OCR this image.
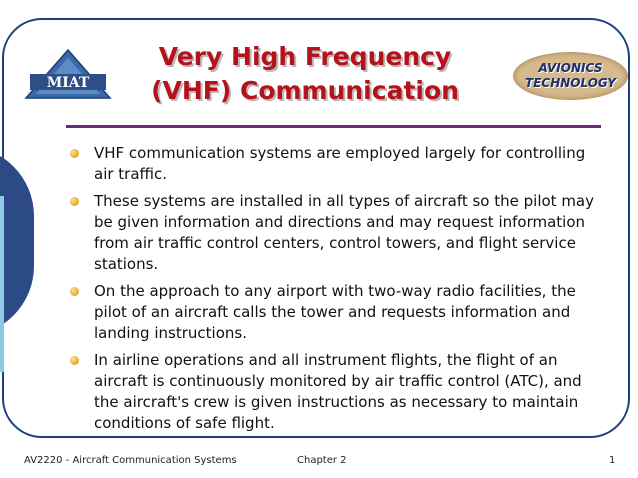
MIAT
Very High Frequency
(VHF) Communication
AVIONICS
TECHNOLOGY
VHF communication systems are employed largely for controlling air traffic.
These systems are installed in all types of aircraft so the pilot may be given information and directions and may request information from air traffic control centers, control towers, and flight service stations.
On the approach to any airport with two-way radio facilities, the pilot of an aircraft calls the tower and requests information and landing instructions.
In airline operations and all instrument flights, the flight of an aircraft is continuously monitored by air traffic control (ATC), and the aircraft's crew is given instructions as necessary to maintain conditions of safe flight.
AV2220 - Aircraft Communication Systems	Chapter 2	1
